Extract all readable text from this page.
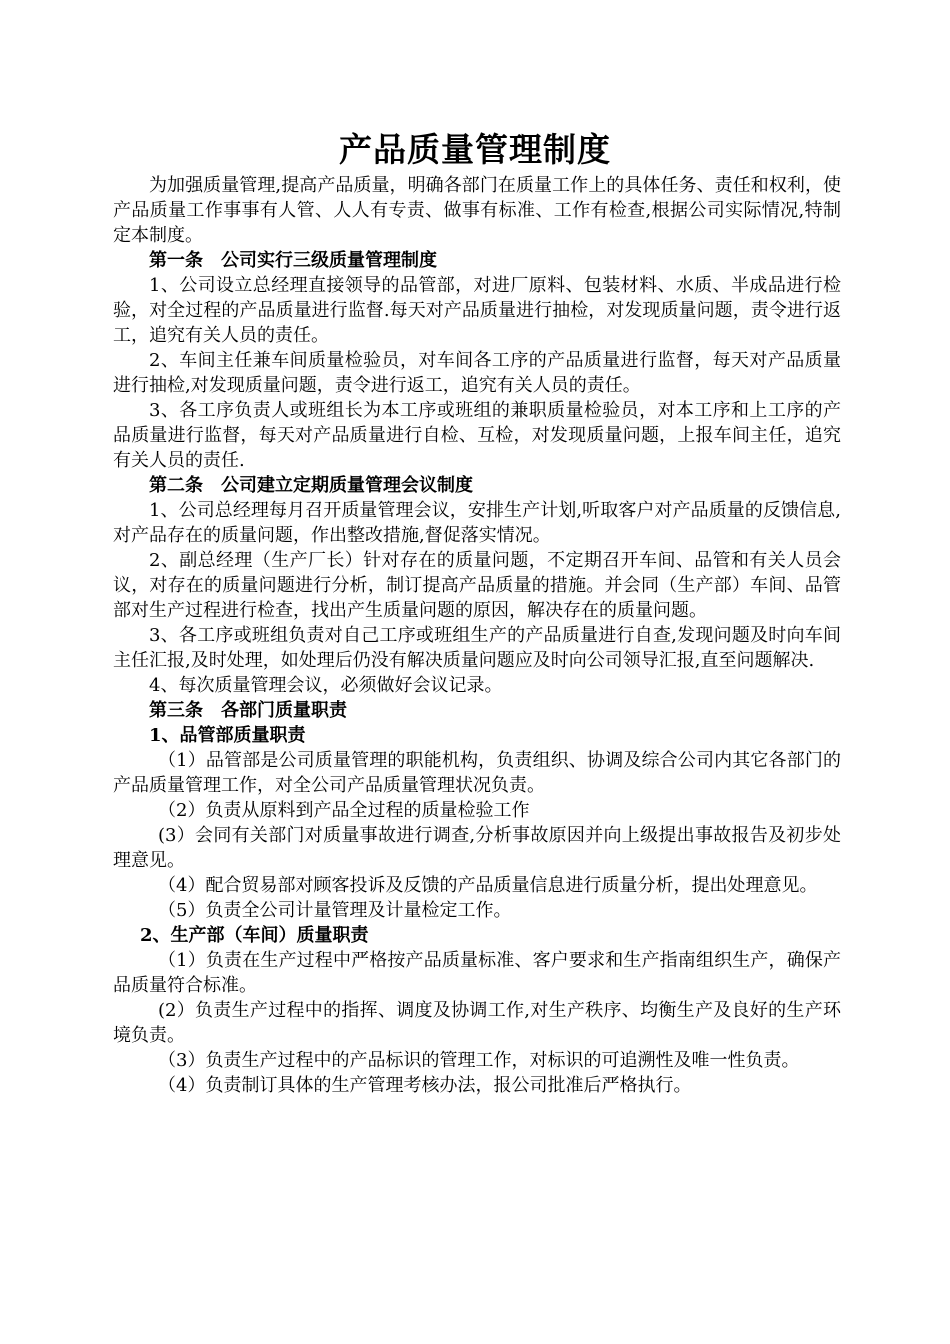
产品质量管理制度

为加强质量管理,提高产品质量，明确各部门在质量工作上的具体任务、责任和权利，使产品质量工作事事有人管、人人有专责、做事有标准、工作有检查,根据公司实际情况,特制定本制度。

第一条　公司实行三级质量管理制度

1、公司设立总经理直接领导的品管部，对进厂原料、包装材料、水质、半成品进行检验，对全过程的产品质量进行监督.每天对产品质量进行抽检，对发现质量问题，责令进行返工，追究有关人员的责任。

2、车间主任兼车间质量检验员，对车间各工序的产品质量进行监督，每天对产品质量进行抽检,对发现质量问题，责令进行返工，追究有关人员的责任。

3、各工序负责人或班组长为本工序或班组的兼职质量检验员，对本工序和上工序的产品质量进行监督，每天对产品质量进行自检、互检，对发现质量问题，上报车间主任，追究有关人员的责任.

第二条　公司建立定期质量管理会议制度

1、公司总经理每月召开质量管理会议，安排生产计划,听取客户对产品质量的反馈信息,对产品存在的质量问题，作出整改措施,督促落实情况。

2、副总经理（生产厂长）针对存在的质量问题，不定期召开车间、品管和有关人员会议，对存在的质量问题进行分析，制订提高产品质量的措施。并会同（生产部）车间、品管部对生产过程进行检查，找出产生质量问题的原因，解决存在的质量问题。

3、各工序或班组负责对自己工序或班组生产的产品质量进行自查,发现问题及时向车间主任汇报,及时处理，如处理后仍没有解决质量问题应及时向公司领导汇报,直至问题解决.

4、每次质量管理会议，必须做好会议记录。

第三条　各部门质量职责

1、品管部质量职责

（1）品管部是公司质量管理的职能机构，负责组织、协调及综合公司内其它各部门的产品质量管理工作，对全公司产品质量管理状况负责。

（2）负责从原料到产品全过程的质量检验工作

(3）会同有关部门对质量事故进行调查,分析事故原因并向上级提出事故报告及初步处理意见。

（4）配合贸易部对顾客投诉及反馈的产品质量信息进行质量分析，提出处理意见。

（5）负责全公司计量管理及计量检定工作。

2、生产部（车间）质量职责

（1）负责在生产过程中严格按产品质量标准、客户要求和生产指南组织生产，确保产品质量符合标准。

(2）负责生产过程中的指挥、调度及协调工作,对生产秩序、均衡生产及良好的生产环境负责。

（3）负责生产过程中的产品标识的管理工作，对标识的可追溯性及唯一性负责。

（4）负责制订具体的生产管理考核办法，报公司批准后严格执行。
